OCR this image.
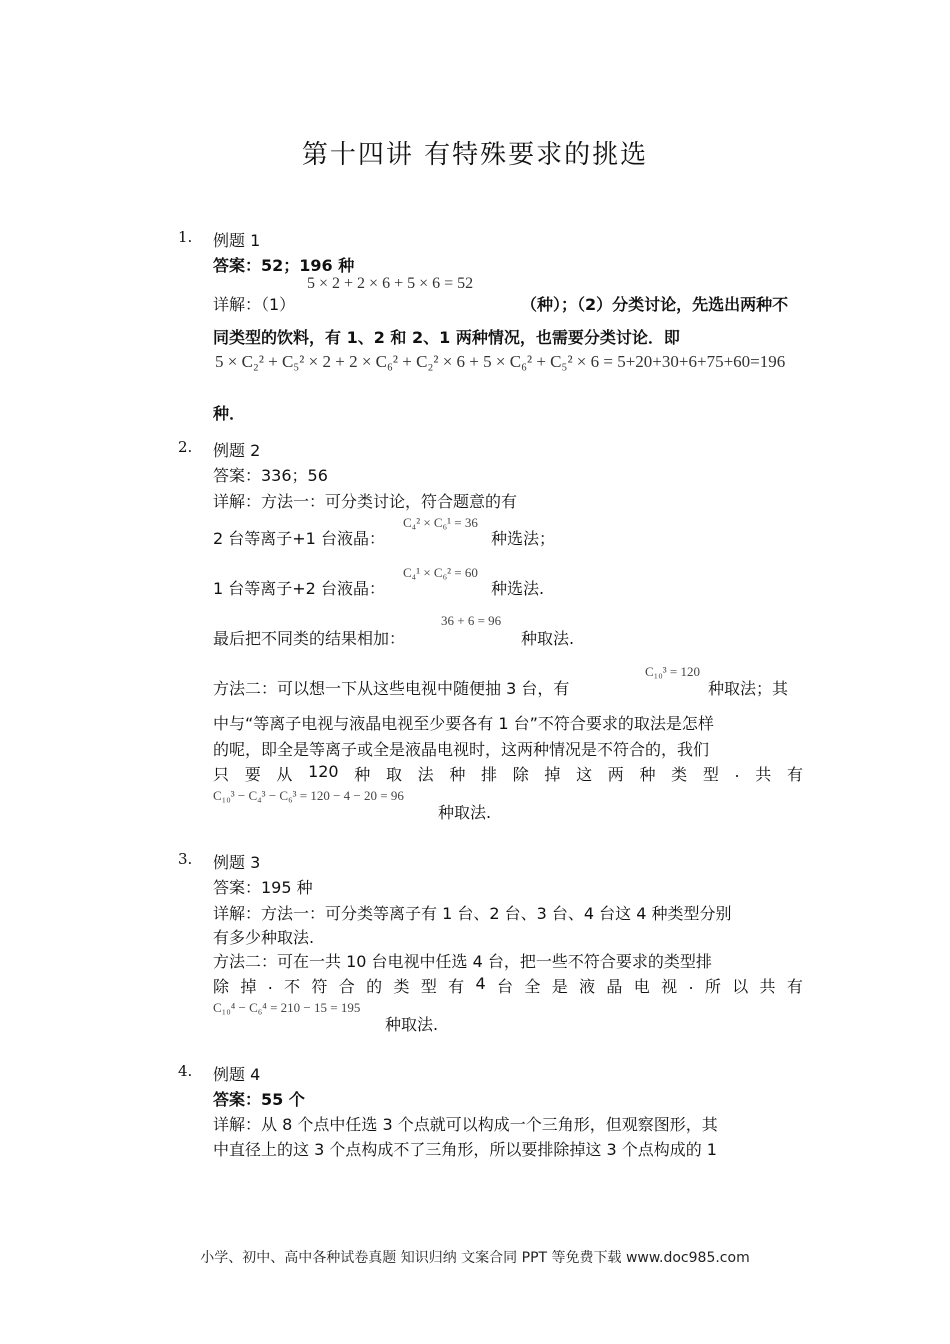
第十四讲 有特殊要求的挑选
1. 例题 1
答案：52；196 种
5 × 2 + 2 × 6 + 5 × 6 = 52
详解：（1）	（种）；（2）分类讨论，先选出两种不
同类型的饮料，有 1、2 和 2、1 两种情况，也需要分类讨论．即
5 × C₂² + C₅² × 2 + 2 × C₆² + C₂² × 6 + 5 × C₆² + C₅² × 6 = 5+20+30+6+75+60=196
种．
2. 例题 2
答案：336；56
详解：方法一：可分类讨论，符合题意的有
2 台等离子+1 台液晶：
C₄² × C₆¹ = 36
种选法；
1 台等离子+2 台液晶：
C₄¹ × C₆² = 60
种选法.
最后把不同类的结果相加：
36 + 6 = 96
种取法.
方法二：可以想一下从这些电视中随便抽 3 台，有
C₁₀³ = 120
种取法；其
中与“等离子电视与液晶电视至少要各有 1 台”不符合要求的取法是怎样
的呢，即全是等离子或全是液晶电视时，这两种情况是不符合的，我们
只 要 从 120 种 取 法 种 排 除 掉 这 两 种 类 型 . 共 有
C₁₀³ − C₄³ − C₆³ = 120 − 4 − 20 = 96
种取法.
3. 例题 3
答案：195 种
详解：方法一：可分类等离子有 1 台、2 台、3 台、4 台这 4 种类型分别
有多少种取法.
方法二：可在一共 10 台电视中任选 4 台，把一些不符合要求的类型排
除 掉 . 不 符 合 的 类 型 有 4 台 全 是 液 晶 电 视 . 所 以 共 有
C₁₀⁴ − C₆⁴ = 210 − 15 = 195
种取法.
4. 例题 4
答案：55 个
详解：从 8 个点中任选 3 个点就可以构成一个三角形，但观察图形，其
中直径上的这 3 个点构成不了三角形，所以要排除掉这 3 个点构成的 1
小学、初中、高中各种试卷真题 知识归纳 文案合同 PPT 等免费下载 www.doc985.com
